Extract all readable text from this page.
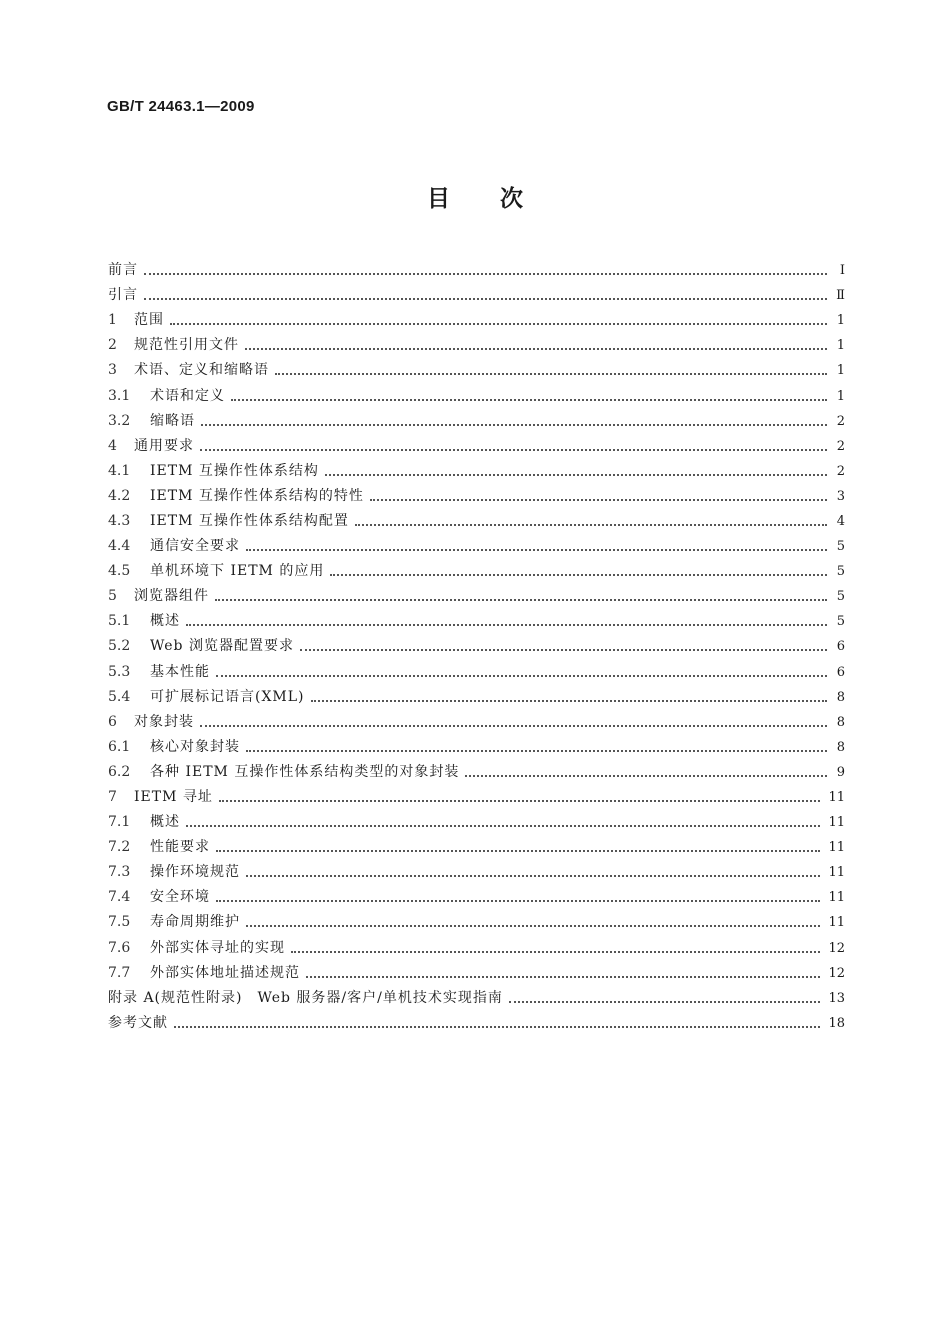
GB/T 24463.1—2009
目次
前言	I
引言	Ⅱ
1	范围	1
2	规范性引用文件	1
3	术语、定义和缩略语	1
3.1	术语和定义	1
3.2	缩略语	2
4	通用要求	2
4.1	IETM 互操作性体系结构	2
4.2	IETM 互操作性体系结构的特性	3
4.3	IETM 互操作性体系结构配置	4
4.4	通信安全要求	5
4.5	单机环境下 IETM 的应用	5
5	浏览器组件	5
5.1	概述	5
5.2	Web 浏览器配置要求	6
5.3	基本性能	6
5.4	可扩展标记语言(XML)	8
6	对象封装	8
6.1	核心对象封装	8
6.2	各种 IETM 互操作性体系结构类型的对象封装	9
7	IETM 寻址	11
7.1	概述	11
7.2	性能要求	11
7.3	操作环境规范	11
7.4	安全环境	11
7.5	寿命周期维护	11
7.6	外部实体寻址的实现	12
7.7	外部实体地址描述规范	12
附录 A(规范性附录)　Web 服务器/客户/单机技术实现指南	13
参考文献	18
